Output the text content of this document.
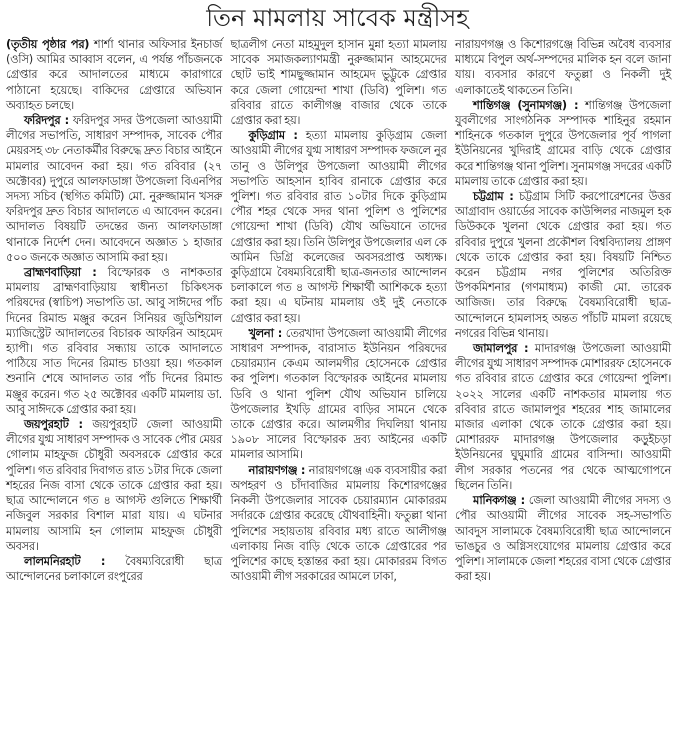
তিন মামলায় সাবেক মন্ত্রীসহ

(তৃতীয় পৃষ্ঠার পর) শার্শা থানার অফিসার ইনচার্জ (ওসি) আমির আব্বাস বলেন, এ পর্যন্ত পাঁচজনকে গ্রেপ্তার করে আদালতের মাধ্যমে কারাগারে পাঠানো হয়েছে। বাকিদের গ্রেপ্তারে অভিযান অব্যাহত চলছে।

ফরিদপুর : ফরিদপুর সদর উপজেলা আওয়ামী লীগের সভাপতি, সাধারণ সম্পাদক, সাবেক পৌর মেয়রসহ ৩৮ নেতাকর্মীর বিরুদ্ধে দ্রুত বিচার আইনে মামলার আবেদন করা হয়। গত রবিবার (২৭ অক্টোবর) দুপুরে আলফাডাঙ্গা উপজেলা বিএনপির সদস্য সচিব (স্থগিত কমিটি) মো. নুরুজ্জামান খসরু ফরিদপুর দ্রুত বিচার আদালতে এ আবেদন করেন। আদালত বিষয়টি তদন্তের জন্য আলফাডাঙ্গা থানাকে নির্দেশ দেন। আবেদনে অজ্ঞাত ১ হাজার ৫০০ জনকে অজ্ঞাত আসামি করা হয়।

ব্রাহ্মণবাড়িয়া : বিস্ফোরক ও নাশকতার মামলায় ব্রাহ্মণবাড়িয়ায় স্বাধীনতা চিকিৎসক পরিষদের (স্বাচিপ) সভাপতি ডা. আবু সাঈদের পাঁচ দিনের রিমান্ড মঞ্জুর করেন সিনিয়র জুডিশিয়াল ম্যাজিস্ট্রেট আদালতের বিচারক আফরিন আহমেদ হ্যাপী। গত রবিবার সন্ধ্যায় তাকে আদালতে পাঠিয়ে সাত দিনের রিমান্ড চাওয়া হয়। গতকাল শুনানি শেষে আদালত তার পাঁচ দিনের রিমান্ড মঞ্জুর করেন। গত ২৫ অক্টোবর একটি মামলায় ডা. আবু সাঈদকে গ্রেপ্তার করা হয়।

জয়পুরহাট : জয়পুরহাট জেলা আওয়ামী লীগের যুগ্ম সাধারণ সম্পাদক ও সাবেক পৌর মেয়র গোলাম মাহফুজ চৌধুরী অবসরকে গ্রেপ্তার করে পুলিশ। গত রবিবার দিবাগত রাত ১টার দিকে জেলা শহরের নিজ বাসা থেকে তাকে গ্রেপ্তার করা হয়। ছাত্র আন্দোলনে গত ৪ আগস্ট গুলিতে শিক্ষার্থী নজিবুল সরকার বিশাল মারা যায়। এ ঘটনার মামলায় আসামি হন গোলাম মাহফুজ চৌধুরী অবসর।

লালমনিরহাট : বৈষম্যবিরোধী ছাত্র আন্দোলনের চলাকালে রংপুরের

ছাত্রলীগ নেতা মাহমুদুল হাসান মুন্না হত্যা মামলায় সাবেক সমাজকল্যাণমন্ত্রী নুরুজ্জামান আহমেদের ছোট ভাই শামছুজ্জামান আহমেদ ভুট্টুকে গ্রেপ্তার করে জেলা গোয়েন্দা শাখা (ডিবি) পুলিশ। গত রবিবার রাতে কালীগঞ্জ বাজার থেকে তাকে গ্রেপ্তার করা হয়।

কুড়িগ্রাম : হত্যা মামলায় কুড়িগ্রাম জেলা আওয়ামী লীগের যুগ্ম সাধারণ সম্পাদক ফজলে নুর তানু ও উলিপুর উপজেলা আওয়ামী লীগের সভাপতি আহসান হাবিব রানাকে গ্রেপ্তার করে পুলিশ। গত রবিবার রাত ১০টার দিকে কুড়িগ্রাম পৌর শহর থেকে সদর থানা পুলিশ ও পুলিশের গোয়েন্দা শাখা (ডিবি) যৌথ অভিযানে তাদের গ্রেপ্তার করা হয়। তিনি উলিপুর উপজেলার এল কে আমিন ডিগ্রি কলেজের অবসরপ্রাপ্ত অধ্যক্ষ। কুড়িগ্রামে বৈষম্যবিরোধী ছাত্র-জনতার আন্দোলন চলাকালে গত ৪ আগস্ট শিক্ষার্থী আশিককে হত্যা করা হয়। এ ঘটনায় মামলায় ওই দুই নেতাকে গ্রেপ্তার করা হয়।

খুলনা : তেরখাদা উপজেলা আওয়ামী লীগের সাধারণ সম্পাদক, বারাসাত ইউনিয়ন পরিষদের চেয়ারম্যান কেএম আলমগীর হোসেনকে গ্রেপ্তার কর পুলিশ। গতকাল বিস্ফোরক আইনের মামলায় ডিবি ও থানা পুলিশ যৌথ অভিযান চালিয়ে উপজেলার ইখড়ি গ্রামের বাড়ির সামনে থেকে তাকে গ্রেপ্তার করে। আলমগীর দিঘলিয়া থানায় ১৯০৮ সালের বিস্ফোরক দ্রব্য আইনের একটি মামলার আসামি।

নারায়ণগঞ্জ : নারায়ণগঞ্জে এক ব্যবসায়ীর করা অপহরণ ও চাঁদাবাজির মামলায় কিশোরগঞ্জের নিকলী উপজেলার সাবেক চেয়ারম্যান মোকাররম সর্দারকে গ্রেপ্তার করেছে যৌথবাহিনী। ফতুল্লা থানা পুলিশের সহায়তায় রবিবার মধ্য রাতে আলীগঞ্জ এলাকায় নিজ বাড়ি থেকে তাকে গ্রেপ্তারের পর পুলিশের কাছে হস্তান্তর করা হয়। মোকাররম বিগত আওয়ামী লীগ সরকারের আমলে ঢাকা,

নারায়ণগঞ্জ ও কিশোরগঞ্জে বিভিন্ন অবৈধ ব্যবসার মাধ্যমে বিপুল অর্থ-সম্পদের মালিক হন বলে জানা যায়। ব্যবসার কারণে ফতুল্লা ও নিকলী দুই এলাকাতেই থাকতেন তিনি।

শান্তিগঞ্জ (সুনামগঞ্জ) : শান্তিগঞ্জ উপজেলা যুবলীগের সাংগঠনিক সম্পাদক শাহিনুর রহমান শাহিনকে গতকাল দুপুরে উপজেলার পূর্ব পাগলা ইউনিয়নের খুদিরাই গ্রামের বাড়ি থেকে গ্রেপ্তার করে শান্তিগঞ্জ থানা পুলিশ। সুনামগঞ্জ সদরের একটি মামলায় তাকে গ্রেপ্তার করা হয়।

চট্টগ্রাম : চট্টগ্রাম সিটি করপোরেশনের উত্তর আগ্রাবাদ ওয়ার্ডের সাবেক কাউন্সিলর নাজমুল হক ডিউককে খুলনা থেকে গ্রেপ্তার করা হয়। গত রবিবার দুপুরে খুলনা প্রকৌশল বিশ্ববিদ্যালয় প্রাঙ্গণ থেকে তাকে গ্রেপ্তার করা হয়। বিষয়টি নিশ্চিত করেন চট্টগ্রাম নগর পুলিশের অতিরিক্ত উপকমিশনার (গণমাধ্যম) কাজী মো. তারেক আজিজ। তার বিরুদ্ধে বৈষম্যবিরোধী ছাত্র-আন্দোলনে হামলাসহ অন্তত পাঁচটি মামলা রয়েছে নগরের বিভিন্ন থানায়।

জামালপুর : মাদারগঞ্জ উপজেলা আওয়ামী লীগের যুগ্ম সাধারণ সম্পাদক মোশাররফ হোসেনকে গত রবিবার রাতে গ্রেপ্তার করে গোয়েন্দা পুলিশ। ২০২২ সালের একটি নাশকতার মামলায় গত রবিবার রাতে জামালপুর শহরের শাহ জামালের মাজার এলাকা থেকে তাকে গ্রেপ্তার করা হয়। মোশাররফ মাদারগঞ্জ উপজেলার কড়ুইচড়া ইউনিয়নের ঘুঘুমারি গ্রামের বাসিন্দা। আওয়ামী লীগ সরকার পতনের পর থেকে আত্মগোপনে ছিলেন তিনি।

মানিকগঞ্জ : জেলা আওয়ামী লীগের সদস্য ও পৌর আওয়ামী লীগের সাবেক সহ-সভাপতি আবদুস সালামকে বৈষম্যবিরোধী ছাত্র আন্দোলনে ভাঙচুর ও অগ্নিসংযোগের মামলায় গ্রেপ্তার করে পুলিশ। সালামকে জেলা শহরের বাসা থেকে গ্রেপ্তার করা হয়।
